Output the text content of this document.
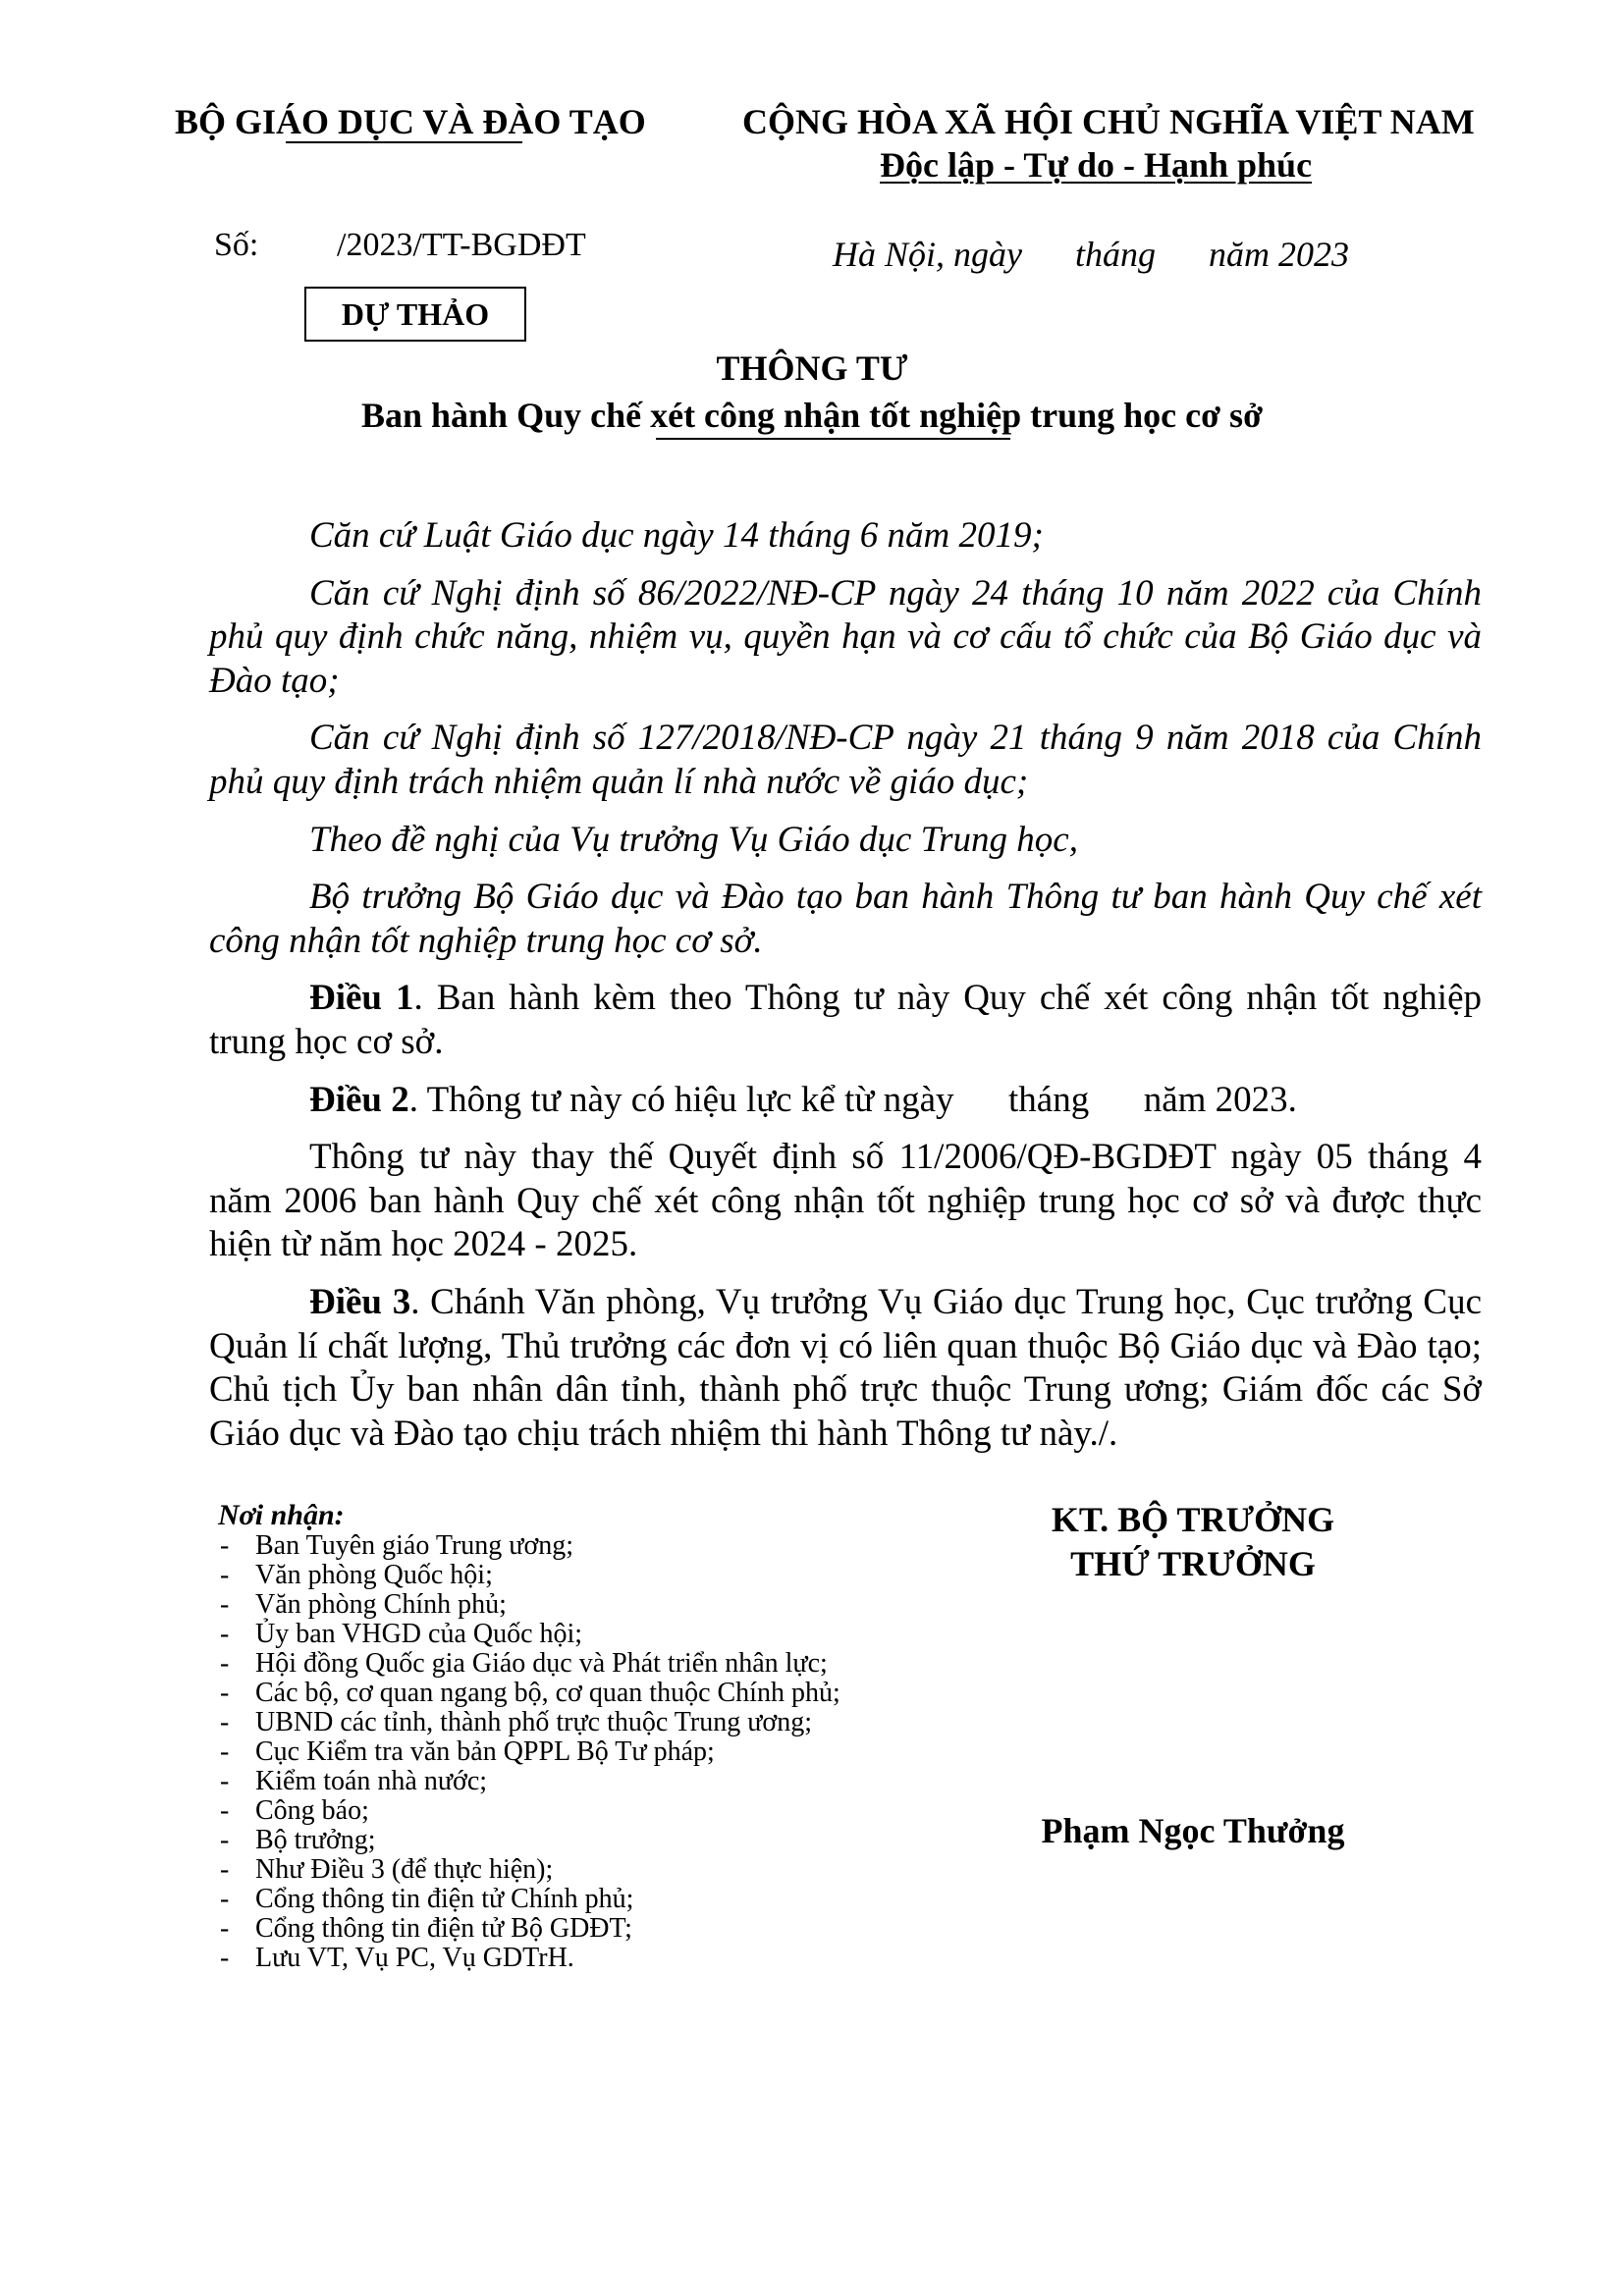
BỘ GIÁO DỤC VÀ ĐÀO TẠO	CỘNG HÒA XÃ HỘI CHỦ NGHĨA VIỆT NAM
Độc lập - Tự do - Hạnh phúc
Số: /2023/TT-BGDĐT	Hà Nội, ngày      tháng      năm 2023
DỰ THẢO
THÔNG TƯ
Ban hành Quy chế xét công nhận tốt nghiệp trung học cơ sở

Căn cứ Luật Giáo dục ngày 14 tháng 6 năm 2019;

Căn cứ Nghị định số 86/2022/NĐ-CP ngày 24 tháng 10 năm 2022 của Chính phủ quy định chức năng, nhiệm vụ, quyền hạn và cơ cấu tổ chức của Bộ Giáo dục và Đào tạo;

Căn cứ Nghị định số 127/2018/NĐ-CP ngày 21 tháng 9 năm 2018 của Chính phủ quy định trách nhiệm quản lí nhà nước về giáo dục;

Theo đề nghị của Vụ trưởng Vụ Giáo dục Trung học,

Bộ trưởng Bộ Giáo dục và Đào tạo ban hành Thông tư ban hành Quy chế xét công nhận tốt nghiệp trung học cơ sở.

Điều 1. Ban hành kèm theo Thông tư này Quy chế xét công nhận tốt nghiệp trung học cơ sở.

Điều 2. Thông tư này có hiệu lực kể từ ngày      tháng      năm 2023.

Thông tư này thay thế Quyết định số 11/2006/QĐ-BGDĐT ngày 05 tháng 4 năm 2006 ban hành Quy chế xét công nhận tốt nghiệp trung học cơ sở và được thực hiện từ năm học 2024 - 2025.

Điều 3. Chánh Văn phòng, Vụ trưởng Vụ Giáo dục Trung học, Cục trưởng Cục Quản lí chất lượng, Thủ trưởng các đơn vị có liên quan thuộc Bộ Giáo dục và Đào tạo; Chủ tịch Ủy ban nhân dân tỉnh, thành phố trực thuộc Trung ương; Giám đốc các Sở Giáo dục và Đào tạo chịu trách nhiệm thi hành Thông tư này./.

Nơi nhận:
- Ban Tuyên giáo Trung ương;
- Văn phòng Quốc hội;
- Văn phòng Chính phủ;
- Ủy ban VHGD của Quốc hội;
- Hội đồng Quốc gia Giáo dục và Phát triển nhân lực;
- Các bộ, cơ quan ngang bộ, cơ quan thuộc Chính phủ;
- UBND các tỉnh, thành phố trực thuộc Trung ương;
- Cục Kiểm tra văn bản QPPL Bộ Tư pháp;
- Kiểm toán nhà nước;
- Công báo;
- Bộ trưởng;
- Như Điều 3 (để thực hiện);
- Cổng thông tin điện tử Chính phủ;
- Cổng thông tin điện tử Bộ GDĐT;
- Lưu VT, Vụ PC, Vụ GDTrH.
KT. BỘ TRƯỞNG
THỨ TRƯỞNG
Phạm Ngọc Thưởng
